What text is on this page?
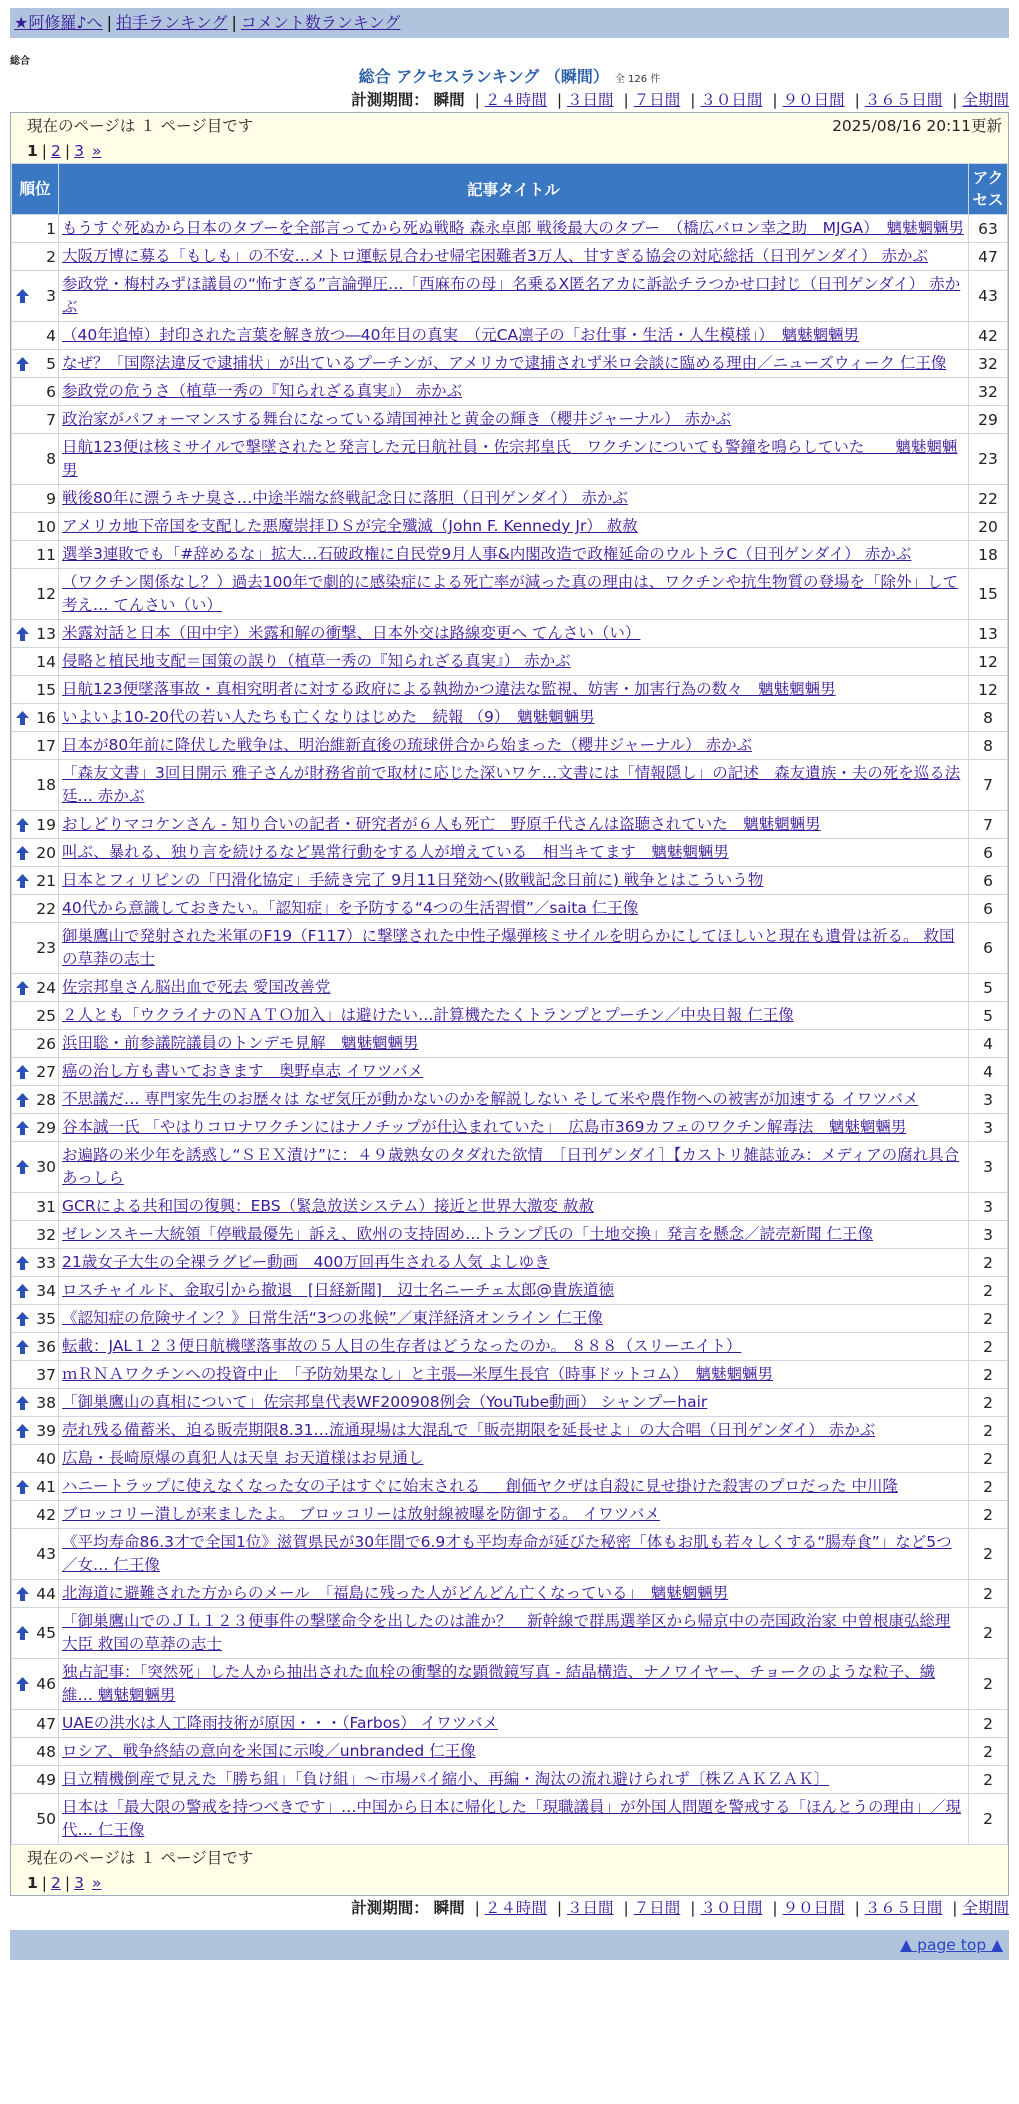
★阿修羅♪へ | 拍手ランキング | コメント数ランキング
総合
総合 アクセスランキング （瞬間） 全 126 件
計測期間： 瞬間 | ２４時間 | ３日間 | ７日間 | ３０日間 | ９０日間 | ３６５日間 | 全期間
現在のページは １ ページ目です	2025/08/16 20:11更新
1 | 2 | 3 »
順位	記事タイトル	アクセス
1	もうすぐ死ぬから日本のタブーを全部言ってから死ぬ戦略 森永卓郎 戦後最大のタブー　（橋広バロン幸之助　MJGA）　魑魅魍魎男	63
2	大阪万博に募る「もしも」の不安…メトロ運転見合わせ帰宅困難者3万人、甘すぎる協会の対応総括（日刊ゲンダイ） 赤かぶ	47

3	参政党・梅村みずほ議員の“怖すぎる”言論弾圧…「西麻布の母」名乗るX匿名アカに訴訟チラつかせ口封じ（日刊ゲンダイ） 赤かぶ	43
4	（40年追悼）封印された言葉を解き放つ―40年目の真実　（元CA凛子の「お仕事・生活・人生模様」）　魑魅魍魎男	42

5	なぜ？「国際法違反で逮捕状」が出ているプーチンが、アメリカで逮捕されず米ロ会談に臨める理由／ニューズウィーク 仁王像	32
6	参政党の危うさ（植草一秀の『知られざる真実』） 赤かぶ	32
7	政治家がパフォーマンスする舞台になっている靖国神社と黄金の輝き（櫻井ジャーナル） 赤かぶ	29
8	日航123便は核ミサイルで撃墜されたと発言した元日航社員・佐宗邦皇氏　ワクチンについても警鐘を鳴らしていた　　魑魅魍魎男	23
9	戦後80年に漂うキナ臭さ…中途半端な終戦記念日に落胆（日刊ゲンダイ） 赤かぶ	22
10	アメリカ地下帝国を支配した悪魔崇拝ＤＳが完全殲滅（John F. Kennedy Jr） 赦赦	20
11	選挙3連敗でも「#辞めるな」拡大…石破政権に自民党9月人事&内閣改造で政権延命のウルトラC（日刊ゲンダイ） 赤かぶ	18
12	（ワクチン関係なし？）過去100年で劇的に感染症による死亡率が減った真の理由は、ワクチンや抗生物質の登場を「除外」して考え… てんさい（い）	15

13	米露対話と日本（田中宇）米露和解の衝撃、日本外交は路線変更へ てんさい（い）	13
14	侵略と植民地支配＝国策の誤り（植草一秀の『知られざる真実』） 赤かぶ	12
15	日航123便墜落事故・真相究明者に対する政府による執拗かつ違法な監視、妨害・加害行為の数々　魑魅魍魎男	12

16	いよいよ10-20代の若い人たちも亡くなりはじめた　続報 （9）　魑魅魍魎男	8
17	日本が80年前に降伏した戦争は、明治維新直後の琉球併合から始まった（櫻井ジャーナル） 赤かぶ	8
18	「森友文書」3回目開示 雅子さんが財務省前で取材に応じた深いワケ…文書には「情報隠し」の記述　森友遺族・夫の死を巡る法廷… 赤かぶ	7

19	おしどりマコケンさん - 知り合いの記者・研究者が６人も死亡　野原千代さんは盗聴されていた　魑魅魍魎男	7

20	叫ぶ、暴れる、独り言を続けるなど異常行動をする人が増えている　相当キてます　魑魅魍魎男	6

21	日本とフィリピンの「円滑化協定」手続き完了 9月11日発効へ(敗戦記念日前に) 戦争とはこういう物	6
22	40代から意識しておきたい。「認知症」を予防する“4つの生活習慣”／saita 仁王像	6
23	御巣鷹山で発射された米軍のF19（F117）に撃墜された中性子爆弾核ミサイルを明らかにしてほしいと現在も遺骨は祈る。 救国の草莽の志士	6

24	佐宗邦皇さん脳出血で死去 愛国改善党	5
25	２人とも「ウクライナのＮＡＴＯ加入」は避けたい…計算機たたくトランプとプーチン／中央日報 仁王像	5
26	浜田聡・前参議院議員のトンデモ見解　魑魅魍魎男	4

27	癌の治し方も書いておきます　奥野卓志 イワツバメ	4

28	不思議だ… 専門家先生のお歴々は なぜ気圧が動かないのかを解説しない そして米や農作物への被害が加速する イワツバメ	3

29	谷本誠一氏 「やはりコロナワクチンにはナノチップが仕込まれていた」　広島市369カフェのワクチン解毒法　魑魅魍魎男	3

30	お遍路の米少年を誘惑し“ＳＥＸ漬け”に：４９歳熟女のタダれた欲情　［日刊ゲンダイ］【カストリ雑誌並み：メディアの腐れ具合 あっしら	3
31	GCRによる共和国の復興：EBS（緊急放送システム）接近と世界大激変 赦赦	3
32	ゼレンスキー大統領「停戦最優先」訴え、欧州の支持固め…トランプ氏の「土地交換」発言を懸念／読売新聞 仁王像	3

33	21歳女子大生の全裸ラグビー動画　400万回再生される人気 よしゆき	2

34	ロスチャイルド、金取引から撤退　[日経新聞]　辺士名ニーチェ太郎@貴族道徳	2

35	《認知症の危険サイン？》日常生活“3つの兆候”／東洋経済オンライン 仁王像	2

36	転載：JAL１２３便日航機墜落事故の５人目の生存者はどうなったのか。 ８８８（スリーエイト）	2
37	ｍＲＮＡワクチンへの投資中止　「予防効果なし」と主張―米厚生長官（時事ドットコム）　魑魅魍魎男	2

38	「御巣鷹山の真相について」佐宗邦皇代表WF200908例会（YouTube動画） シャンプーhair	2

39	売れ残る備蓄米、迫る販売期限8.31…流通現場は大混乱で「販売期限を延長せよ」の大合唱（日刊ゲンダイ） 赤かぶ	2
40	広島・長崎原爆の真犯人は天皇 お天道様はお見通し	2

41	ハニートラップに使えなくなった女の子はすぐに始末される ＿ 創価ヤクザは自殺に見せ掛けた殺害のプロだった 中川隆	2
42	ブロッコリー潰しが来ましたよ。 ブロッコリーは放射線被曝を防御する。 イワツバメ	2
43	《平均寿命86.3才で全国1位》滋賀県民が30年間で6.9才も平均寿命が延びた秘密「体もお肌も若々しくする“腸寿食”」など5つ／女… 仁王像	2

44	北海道に避難された方からのメール　「福島に残った人がどんどん亡くなっている」　魑魅魍魎男	2

45	「御巣鷹山でのＪＬ１２３便事件の撃墜命令を出したのは誰か？　新幹線で群馬選挙区から帰京中の売国政治家 中曽根康弘総理大臣 救国の草莽の志士	2

46	独占記事：「突然死」した人から抽出された血栓の衝撃的な顕微鏡写真 - 結晶構造、ナノワイヤー、チョークのような粒子、繊維… 魑魅魍魎男	2
47	UAEの洪水は人工降雨技術が原因・・・（Farbos） イワツバメ	2
48	ロシア、戦争終結の意向を米国に示唆／unbranded 仁王像	2
49	日立精機倒産で見えた「勝ち組」「負け組」〜市場パイ縮小、再編・淘汰の流れ避けられず〔株ＺＡＫＺＡＫ〕	2
50	日本は「最大限の警戒を持つべきです」…中国から日本に帰化した「現職議員」が外国人問題を警戒する「ほんとうの理由」／現代… 仁王像	2
現在のページは １ ページ目です
1 | 2 | 3 »
計測期間： 瞬間 | ２４時間 | ３日間 | ７日間 | ３０日間 | ９０日間 | ３６５日間 | 全期間
▲ page top ▲
